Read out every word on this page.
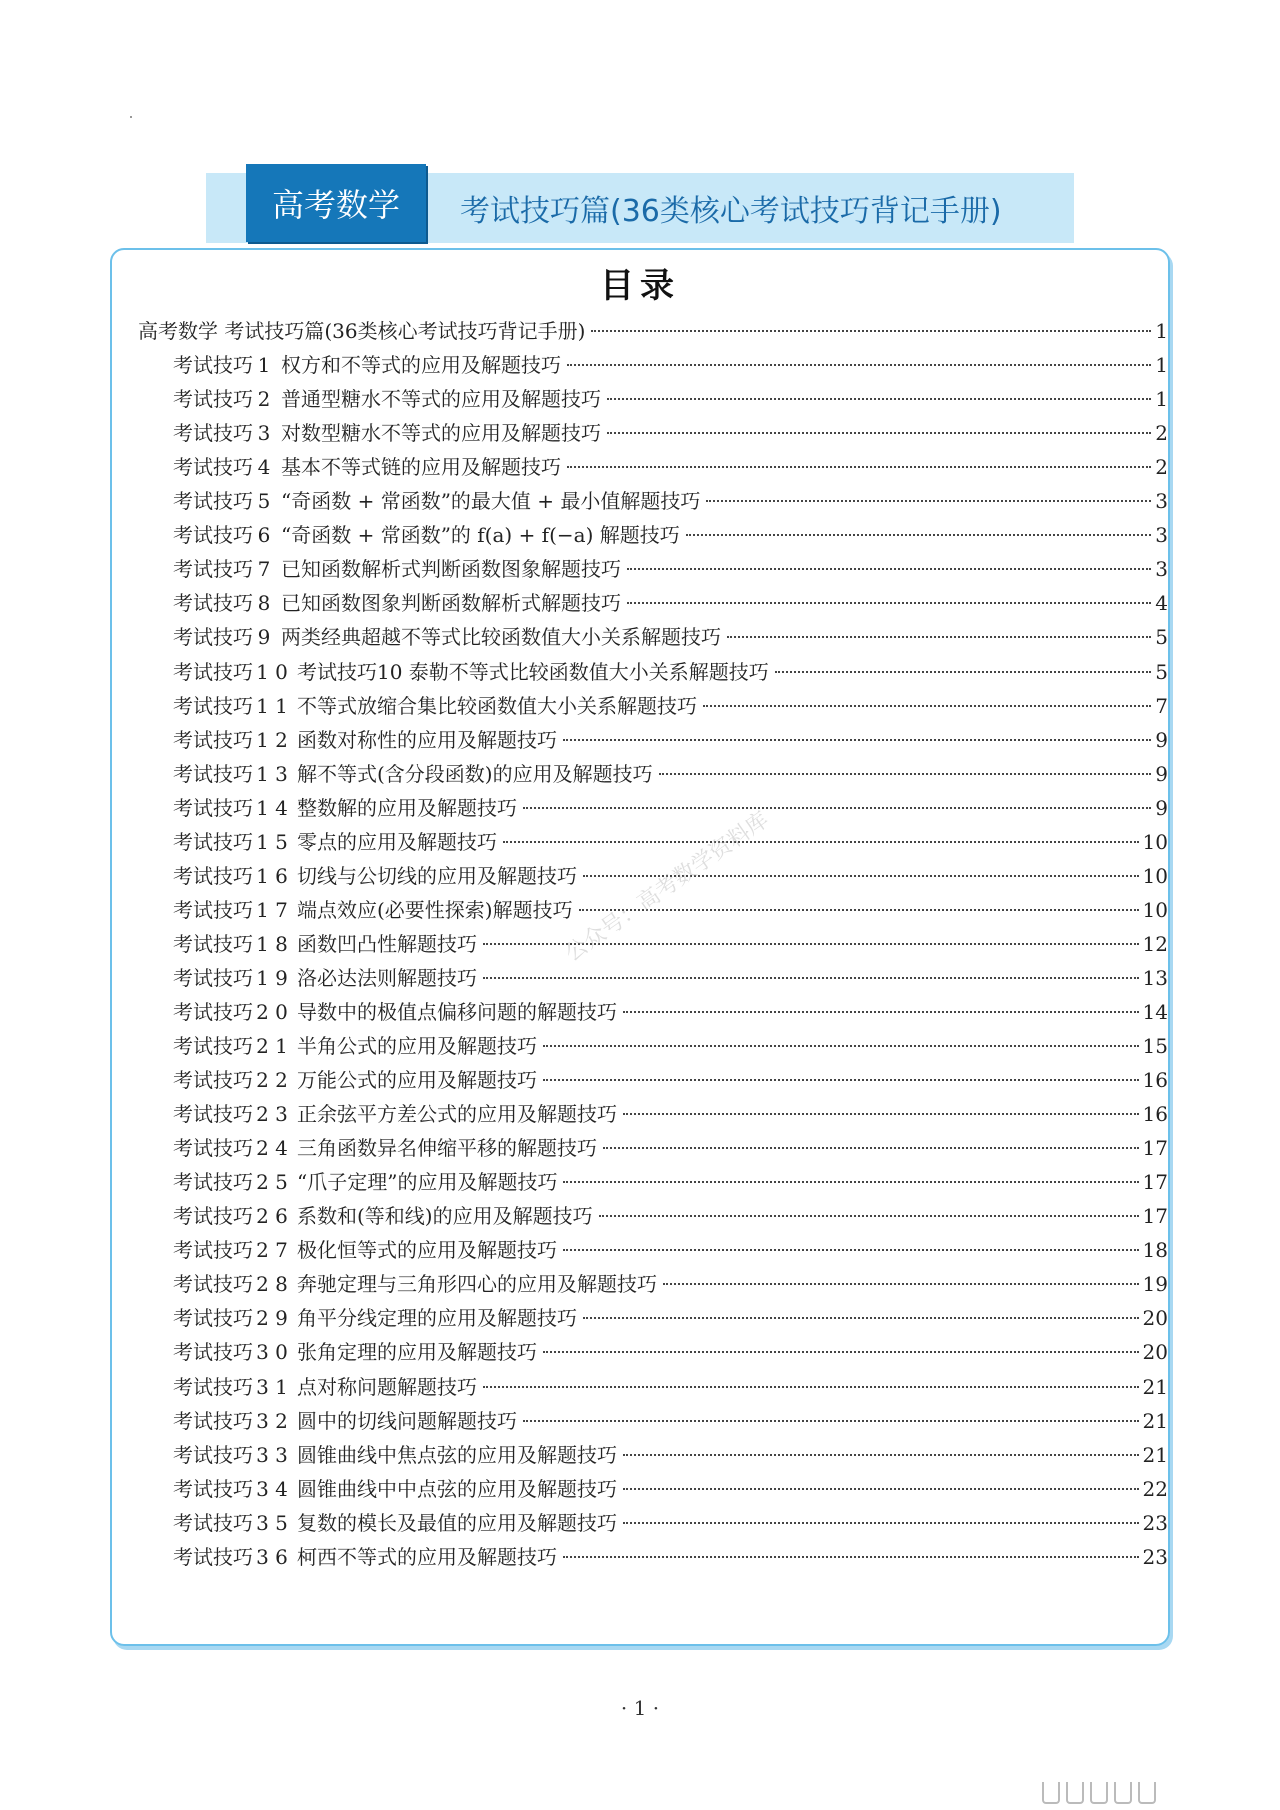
高考数学	考试技巧篇(36类核心考试技巧背记手册)
目录
高考数学 考试技巧篇(36类核心考试技巧背记手册)	1
考试技巧 1 权方和不等式的应用及解题技巧	1
考试技巧 2 普通型糖水不等式的应用及解题技巧	1
考试技巧 3 对数型糖水不等式的应用及解题技巧	2
考试技巧 4 基本不等式链的应用及解题技巧	2
考试技巧 5 “奇函数 + 常函数”的最大值 + 最小值解题技巧	3
考试技巧 6 “奇函数 + 常函数”的 f(a) + f(−a) 解题技巧	3
考试技巧 7 已知函数解析式判断函数图象解题技巧	3
考试技巧 8 已知函数图象判断函数解析式解题技巧	4
考试技巧 9 两类经典超越不等式比较函数值大小关系解题技巧	5
考试技巧 1 0 考试技巧10 泰勒不等式比较函数值大小关系解题技巧	5
考试技巧 1 1 不等式放缩合集比较函数值大小关系解题技巧	7
考试技巧 1 2 函数对称性的应用及解题技巧	9
考试技巧 1 3 解不等式(含分段函数)的应用及解题技巧	9
考试技巧 1 4 整数解的应用及解题技巧	9
考试技巧 1 5 零点的应用及解题技巧	10
考试技巧 1 6 切线与公切线的应用及解题技巧	10
考试技巧 1 7 端点效应(必要性探索)解题技巧	10
考试技巧 1 8 函数凹凸性解题技巧	12
考试技巧 1 9 洛必达法则解题技巧	13
考试技巧 2 0 导数中的极值点偏移问题的解题技巧	14
考试技巧 2 1 半角公式的应用及解题技巧	15
考试技巧 2 2 万能公式的应用及解题技巧	16
考试技巧 2 3 正余弦平方差公式的应用及解题技巧	16
考试技巧 2 4 三角函数异名伸缩平移的解题技巧	17
考试技巧 2 5 “爪子定理”的应用及解题技巧	17
考试技巧 2 6 系数和(等和线)的应用及解题技巧	17
考试技巧 2 7 极化恒等式的应用及解题技巧	18
考试技巧 2 8 奔驰定理与三角形四心的应用及解题技巧	19
考试技巧 2 9 角平分线定理的应用及解题技巧	20
考试技巧 3 0 张角定理的应用及解题技巧	20
考试技巧 3 1 点对称问题解题技巧	21
考试技巧 3 2 圆中的切线问题解题技巧	21
考试技巧 3 3 圆锥曲线中焦点弦的应用及解题技巧	21
考试技巧 3 4 圆锥曲线中中点弦的应用及解题技巧	22
考试技巧 3 5 复数的模长及最值的应用及解题技巧	23
考试技巧 3 6 柯西不等式的应用及解题技巧	23
公众号：高考数学资料库
· 1 ·
